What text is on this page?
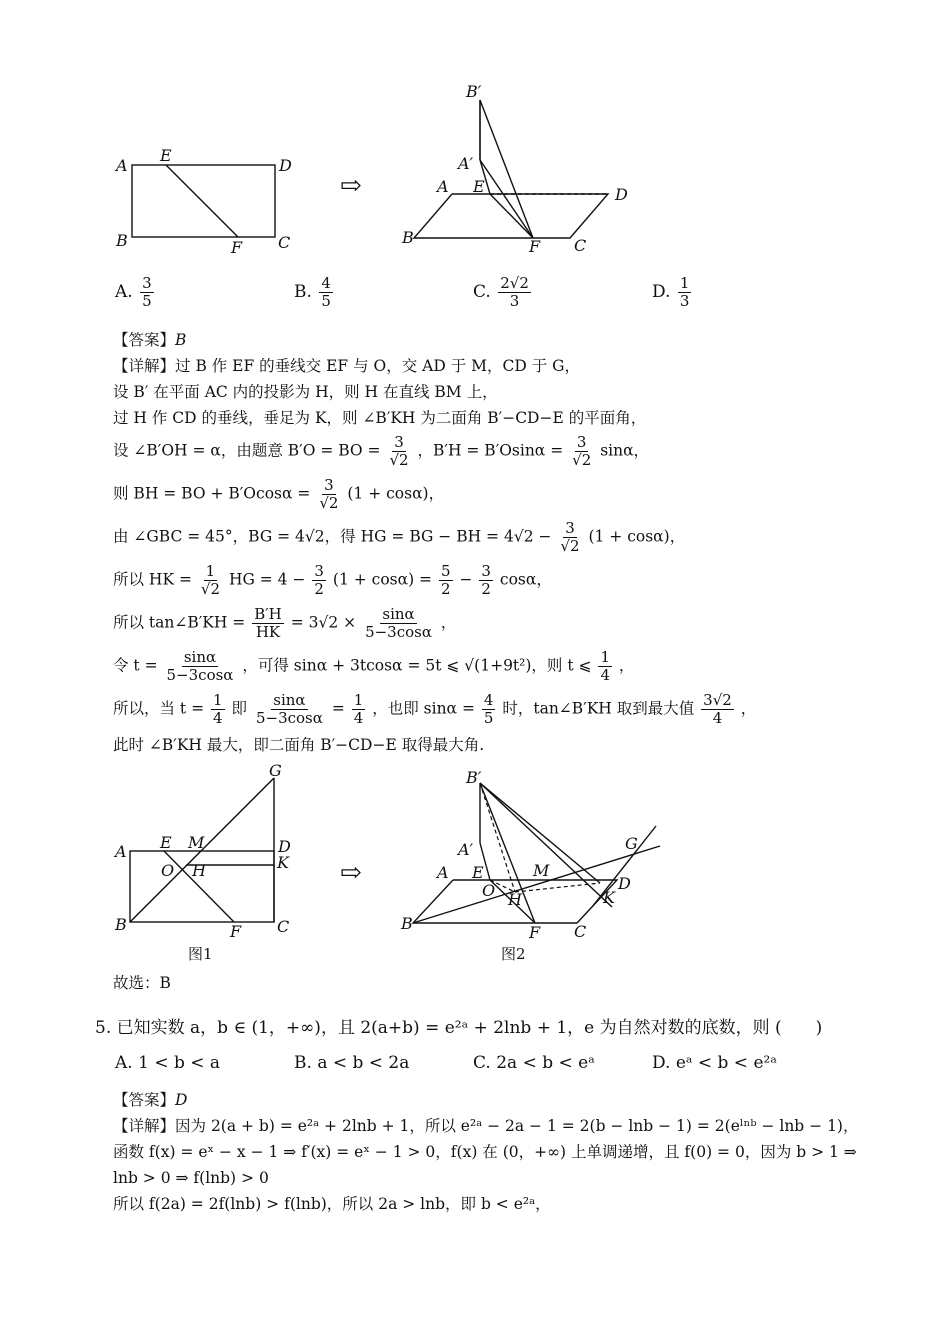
A
E
D
B	F C
⇨
B′
A′
A E	D
B	F C
A. $\frac{3}{5}$	B. $\frac{4}{5}$	C. $\frac{2√2}{3}$	D. $\frac{1}{3}$
【答案】B
【详解】过 B 作 EF 的垂线交 EF 与 O，交 AD 于 M，CD 于 G，
设 B′ 在平面 AC 内的投影为 H，则 H 在直线 BM 上，
过 H 作 CD 的垂线，垂足为 K，则 ∠B′KH 为二面角 B′−CD−E 的平面角，
设 ∠B′OH = α，由题意 B′O = BO = $\frac{3}{√2}$ ，$B'H = B'Osin\alpha = \frac{3}{√2}$ sinα，
则 BH = BO + $B'Ocos\alpha = \frac{3}{√2} (1 + \cos\alpha)$，
由 ∠GBC = 45°，BG = 4√2，得 HG = BG − BH = $4√2 - \frac{3}{√2} (1 + \cos\alpha)$，
所以 HK = $\frac{1}{√2}$ HG = $4 - \frac{3}{2} (1 + \cos\alpha) = \frac{5}{2} - \frac{3}{2}$ cosα，
所以 tan∠B′KH = $\frac{B'H}{HK} = 3√2 \times \frac{\sin\alpha}{5-3\cos\alpha}$ ，
令 $t = \frac{\sin\alpha}{5-3\cos\alpha}$ ，可得 sinα + 3tcosα = 5t ⩽ √(1+9t²)，则 t ⩽ $\frac{1}{4}$ ，
所以，当 $t = \frac{1}{4}$ 即 $\frac{\sin\alpha}{5-3\cos\alpha} = \frac{1}{4}$ ，也即 $\sin\alpha = \frac{4}{5}$ 时，tan∠B′KH 取到最大值 $\frac{3√2}{4}$ ，
此时 ∠B′KH 最大，即二面角 B′−CD−E 取得最大角.
G
A E M	D
K
O H
B	F C
图1
⇨
B′
G
A′
A E	M
D
O H	K
B	F C
图2
故选：B
5. 已知实数 a，b ∈ (1，+∞)，且 2(a+b) = e²ᵃ + 2lnb + 1，e 为自然对数的底数，则 (　　)
A. 1 < b < a	B. a < b < 2a	C. 2a < b < eᵃ	D. eᵃ < b < e²ᵃ
【答案】D
【详解】因为 2(a + b) = e²ᵃ + 2lnb + 1，所以 e²ᵃ − 2a − 1 = 2(b − lnb − 1) = 2(eˡⁿᵇ − lnb − 1)，
函数 f(x) = eˣ − x − 1 ⇒ f′(x) = eˣ − 1 > 0，f(x) 在 (0，+∞) 上单调递增，且 f(0) = 0，因为 b > 1 ⇒
lnb > 0 ⇒ f(lnb) > 0
所以 f(2a) = 2f(lnb) > f(lnb)，所以 2a > lnb，即 b < e²ᵃ，
